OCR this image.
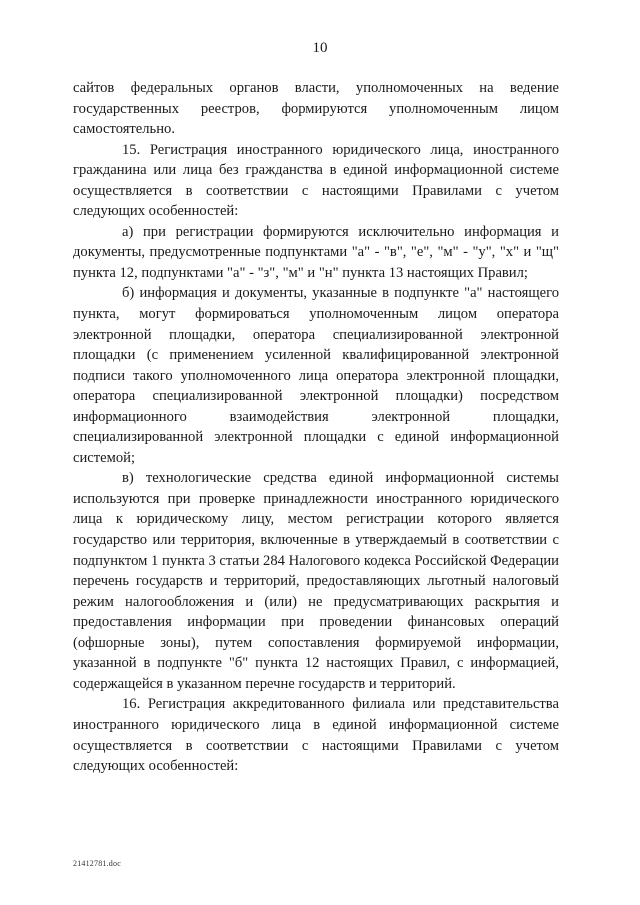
10

сайтов федеральных органов власти, уполномоченных на ведение государственных реестров, формируются уполномоченным лицом самостоятельно.

15. Регистрация иностранного юридического лица, иностранного гражданина или лица без гражданства в единой информационной системе осуществляется в соответствии с настоящими Правилами с учетом следующих особенностей:

а) при регистрации формируются исключительно информация и документы, предусмотренные подпунктами "а" - "в", "е", "м" - "у", "х" и "щ" пункта 12, подпунктами "а" - "з", "м" и "н" пункта 13 настоящих Правил;

б) информация и документы, указанные в подпункте "а" настоящего пункта, могут формироваться уполномоченным лицом оператора электронной площадки, оператора специализированной электронной площадки (с применением усиленной квалифицированной электронной подписи такого уполномоченного лица оператора электронной площадки, оператора специализированной электронной площадки) посредством информационного взаимодействия электронной площадки, специализированной электронной площадки с единой информационной системой;

в) технологические средства единой информационной системы используются при проверке принадлежности иностранного юридического лица к юридическому лицу, местом регистрации которого является государство или территория, включенные в утверждаемый в соответствии с подпунктом 1 пункта 3 статьи 284 Налогового кодекса Российской Федерации перечень государств и территорий, предоставляющих льготный налоговый режим налогообложения и (или) не предусматривающих раскрытия и предоставления информации при проведении финансовых операций (офшорные зоны), путем сопоставления формируемой информации, указанной в подпункте "б" пункта 12 настоящих Правил, с информацией, содержащейся в указанном перечне государств и территорий.

16. Регистрация аккредитованного филиала или представительства иностранного юридического лица в единой информационной системе осуществляется в соответствии с настоящими Правилами с учетом следующих особенностей:

21412781.doc
